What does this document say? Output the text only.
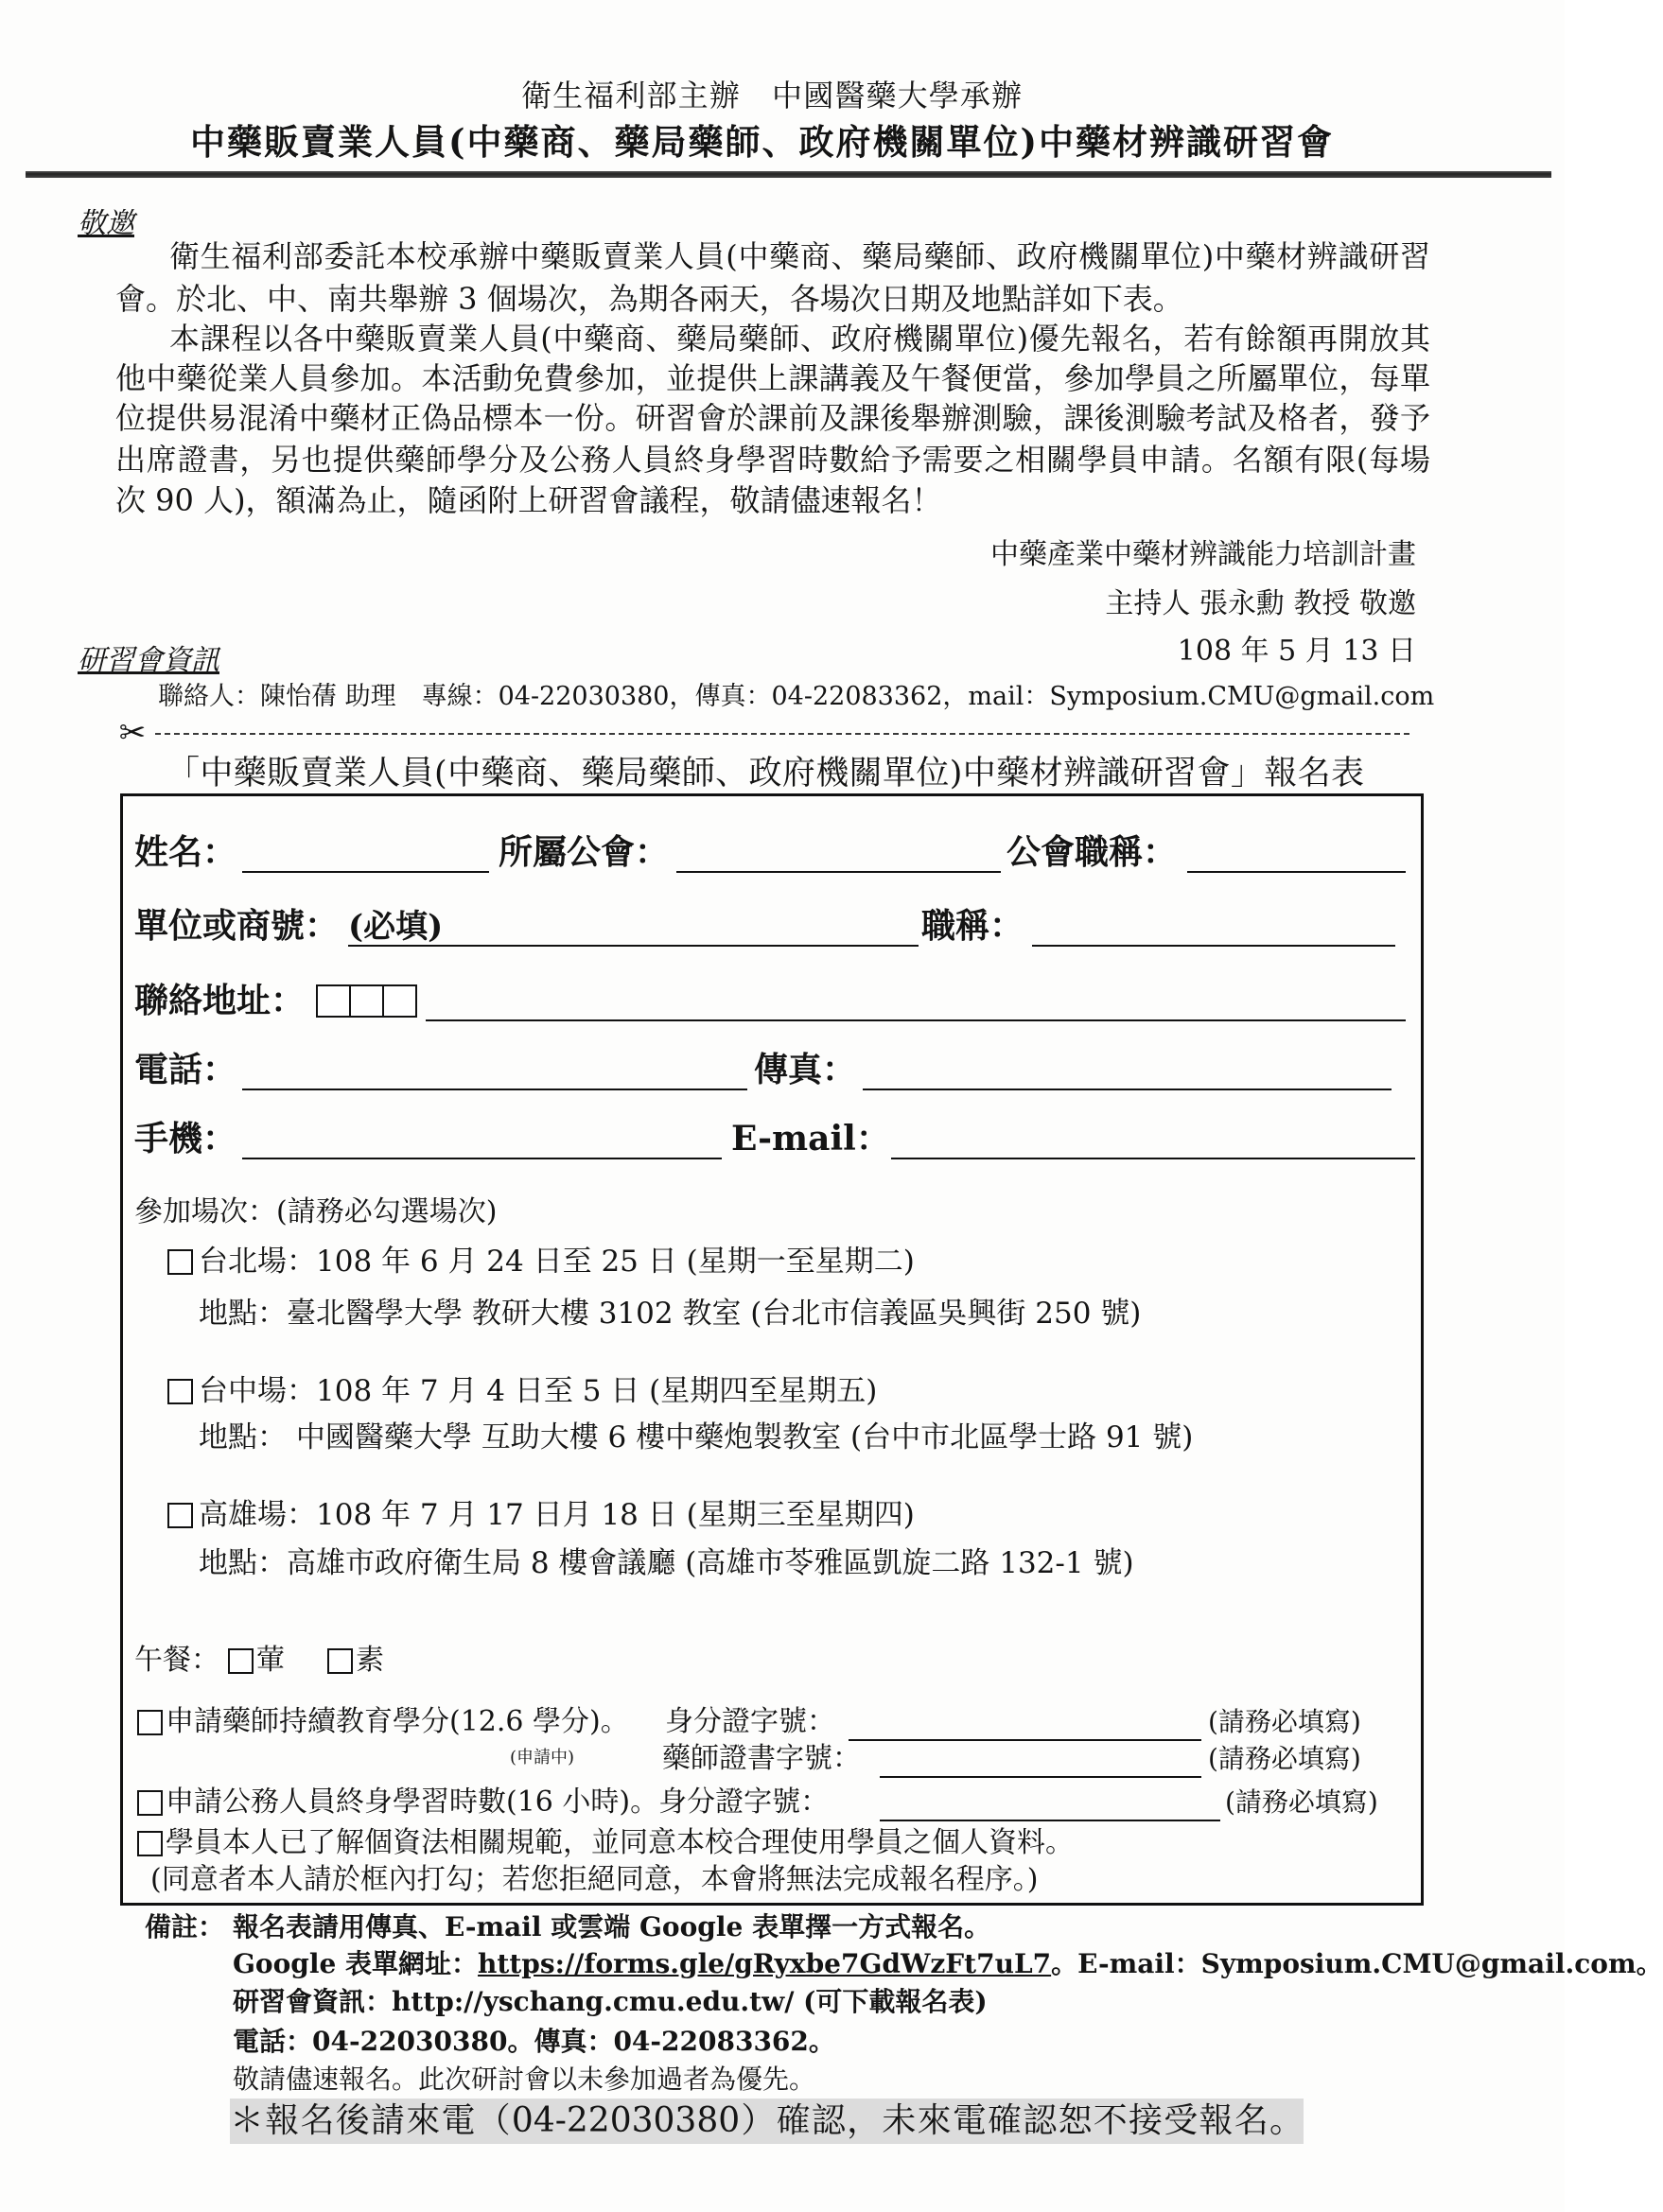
衛生福利部主辦　中國醫藥大學承辦
中藥販賣業人員(中藥商、藥局藥師、政府機關單位)中藥材辨識研習會
敬邀
衛生福利部委託本校承辦中藥販賣業人員(中藥商、藥局藥師、政府機關單位)中藥材辨識研習
會。於北、中、南共舉辦 3 個場次，為期各兩天，各場次日期及地點詳如下表。
本課程以各中藥販賣業人員(中藥商、藥局藥師、政府機關單位)優先報名，若有餘額再開放其
他中藥從業人員參加。本活動免費參加，並提供上課講義及午餐便當，參加學員之所屬單位，每單
位提供易混淆中藥材正偽品標本一份。研習會於課前及課後舉辦測驗，課後測驗考試及格者，發予
出席證書，另也提供藥師學分及公務人員終身學習時數給予需要之相關學員申請。名額有限(每場
次 90 人)，額滿為止，隨函附上研習會議程，敬請儘速報名！
中藥產業中藥材辨識能力培訓計畫
主持人 張永勳 教授 敬邀
108 年 5 月 13 日
研習會資訊
聯絡人：陳怡蒨 助理　專線：04-22030380，傳真：04-22083362，mail：Symposium.CMU@gmail.com
✂
「中藥販賣業人員(中藥商、藥局藥師、政府機關單位)中藥材辨識研習會」報名表
姓名：	所屬公會：	公會職稱：
單位或商號： (必填)	職稱：
聯絡地址：
電話：	傳真：
手機：	E-mail：
參加場次：(請務必勾選場次)
台北場：108 年 6 月 24 日至 25 日 (星期一至星期二)
地點：臺北醫學大學 教研大樓 3102 教室 (台北市信義區吳興街 250 號)
台中場：108 年 7 月 4 日至 5 日 (星期四至星期五)
地點： 中國醫藥大學 互助大樓 6 樓中藥炮製教室 (台中市北區學士路 91 號)
高雄場：108 年 7 月 17 日月 18 日 (星期三至星期四)
地點：高雄市政府衛生局 8 樓會議廳 (高雄市苓雅區凱旋二路 132-1 號)
午餐： 葷	素
申請藥師持續教育學分(12.6 學分)。 身分證字號：	(請務必填寫)
(申請中)	藥師證書字號：	(請務必填寫)
申請公務人員終身學習時數(16 小時)。身分證字號：	(請務必填寫)
學員本人已了解個資法相關規範，並同意本校合理使用學員之個人資料。
(同意者本人請於框內打勾；若您拒絕同意，本會將無法完成報名程序。)
備註： 報名表請用傳真、E-mail 或雲端 Google 表單擇一方式報名。
Google 表單網址：https://forms.gle/gRyxbe7GdWzFt7uL7。E-mail：Symposium.CMU@gmail.com。
研習會資訊：http://yschang.cmu.edu.tw/ (可下載報名表)
電話：04-22030380。傳真：04-22083362。
敬請儘速報名。此次研討會以未參加過者為優先。
＊報名後請來電（04-22030380）確認，未來電確認恕不接受報名。
